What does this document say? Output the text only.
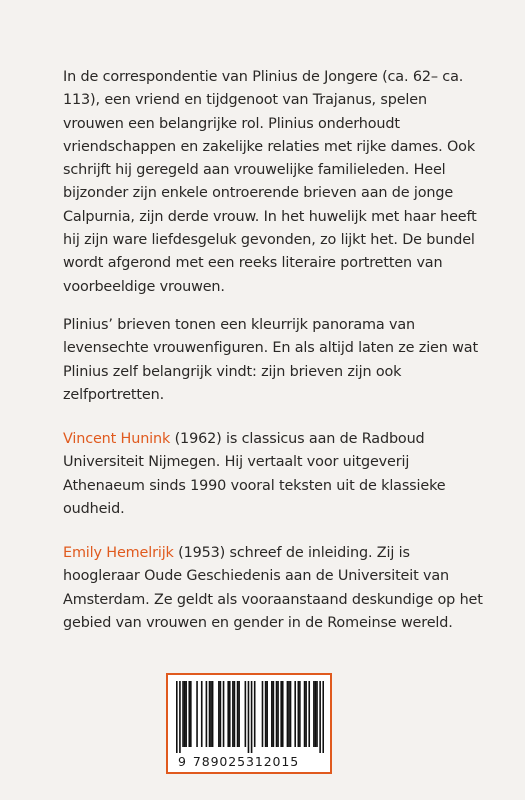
In de correspondentie van Plinius de Jongere (ca. 62– ca. 113), een vriend en tijdgenoot van Trajanus, spelen vrouwen een belangrijke rol. Plinius onderhoudt vriendschappen en zakelijke relaties met rijke dames. Ook schrijft hij geregeld aan vrouwelijke familieleden. Heel bijzonder zijn enkele ontroerende brieven aan de jonge Calpurnia, zijn derde vrouw. In het huwelijk met haar heeft hij zijn ware liefdesgeluk gevonden, zo lijkt het. De bundel wordt afgerond met een reeks literaire portretten van voorbeeldige vrouwen.

Plinius’ brieven tonen een kleurrijk panorama van levensechte vrouwenfiguren. En als altijd laten ze zien wat Plinius zelf belangrijk vindt: zijn brieven zijn ook zelfportretten.

Vincent Hunink (1962) is classicus aan de Radboud Universiteit Nijmegen. Hij vertaalt voor uitgeverij Athenaeum sinds 1990 vooral teksten uit de klassieke oudheid.

Emily Hemelrijk (1953) schreef de inleiding. Zij is hoogleraar Oude Geschiedenis aan de Universiteit van Amsterdam. Ze geldt als vooraanstaand deskundige op het gebied van vrouwen en gender in de Romeinse wereld.

9 789025312015
